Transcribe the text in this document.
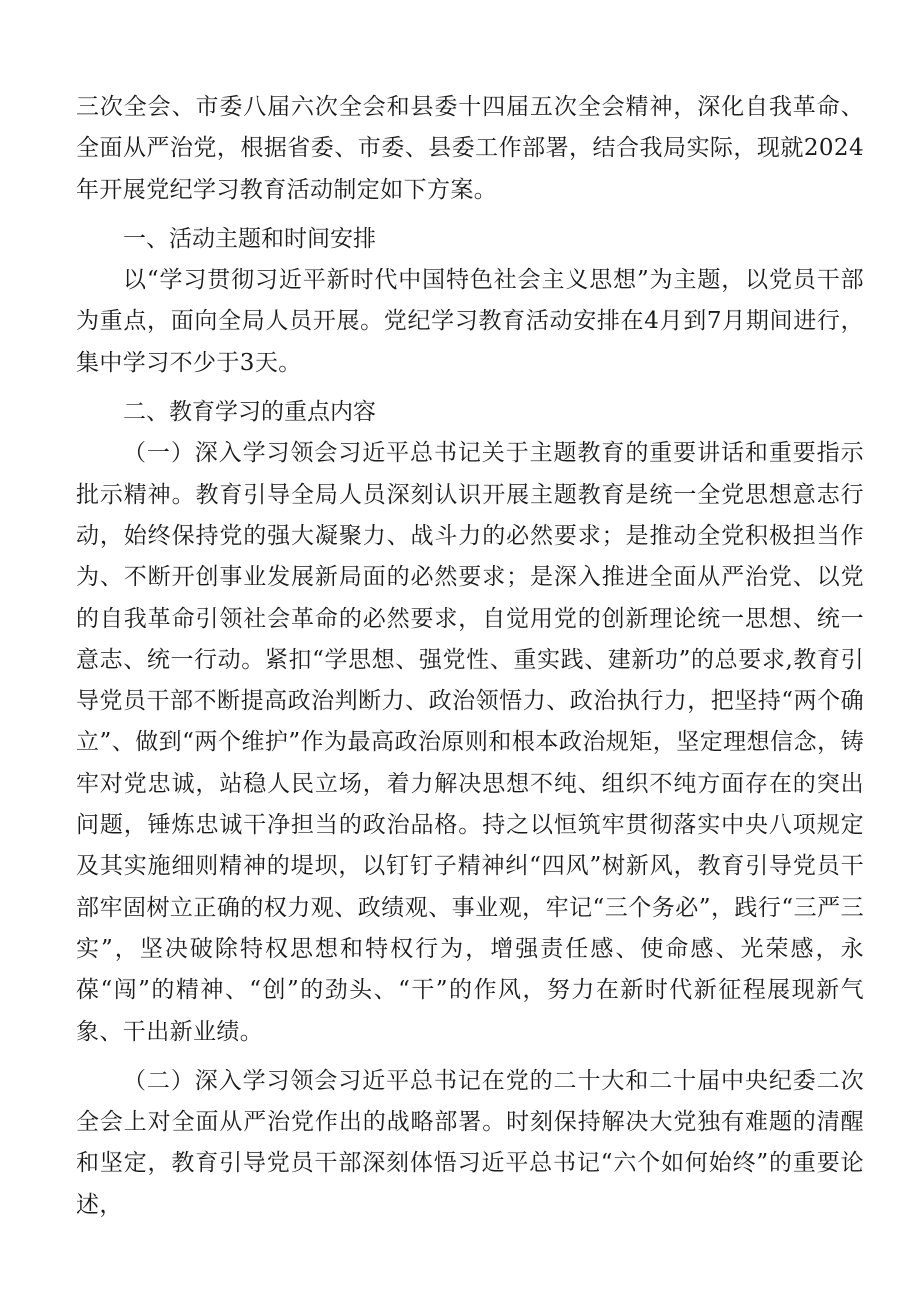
三次全会、市委八届六次全会和县委十四届五次全会精神，深化自我革命、全面从严治党，根据省委、市委、县委工作部署，结合我局实际，现就2024年开展党纪学习教育活动制定如下方案。

一、活动主题和时间安排

以“学习贯彻习近平新时代中国特色社会主义思想”为主题，以党员干部为重点，面向全局人员开展。党纪学习教育活动安排在4月到7月期间进行，集中学习不少于3天。

二、教育学习的重点内容

（一）深入学习领会习近平总书记关于主题教育的重要讲话和重要指示批示精神。教育引导全局人员深刻认识开展主题教育是统一全党思想意志行动，始终保持党的强大凝聚力、战斗力的必然要求；是推动全党积极担当作为、不断开创事业发展新局面的必然要求；是深入推进全面从严治党、以党的自我革命引领社会革命的必然要求，自觉用党的创新理论统一思想、统一意志、统一行动。紧扣“学思想、强党性、重实践、建新功”的总要求,教育引导党员干部不断提高政治判断力、政治领悟力、政治执行力，把坚持“两个确立”、做到“两个维护”作为最高政治原则和根本政治规矩，坚定理想信念，铸牢对党忠诚，站稳人民立场，着力解决思想不纯、组织不纯方面存在的突出问题，锤炼忠诚干净担当的政治品格。持之以恒筑牢贯彻落实中央八项规定及其实施细则精神的堤坝，以钉钉子精神纠“四风”树新风，教育引导党员干部牢固树立正确的权力观、政绩观、事业观，牢记“三个务必”，践行“三严三实”，坚决破除特权思想和特权行为，增强责任感、使命感、光荣感，永葆“闯”的精神、“创”的劲头、“干”的作风，努力在新时代新征程展现新气象、干出新业绩。

（二）深入学习领会习近平总书记在党的二十大和二十届中央纪委二次全会上对全面从严治党作出的战略部署。时刻保持解决大党独有难题的清醒和坚定，教育引导党员干部深刻体悟习近平总书记“六个如何始终”的重要论述，
